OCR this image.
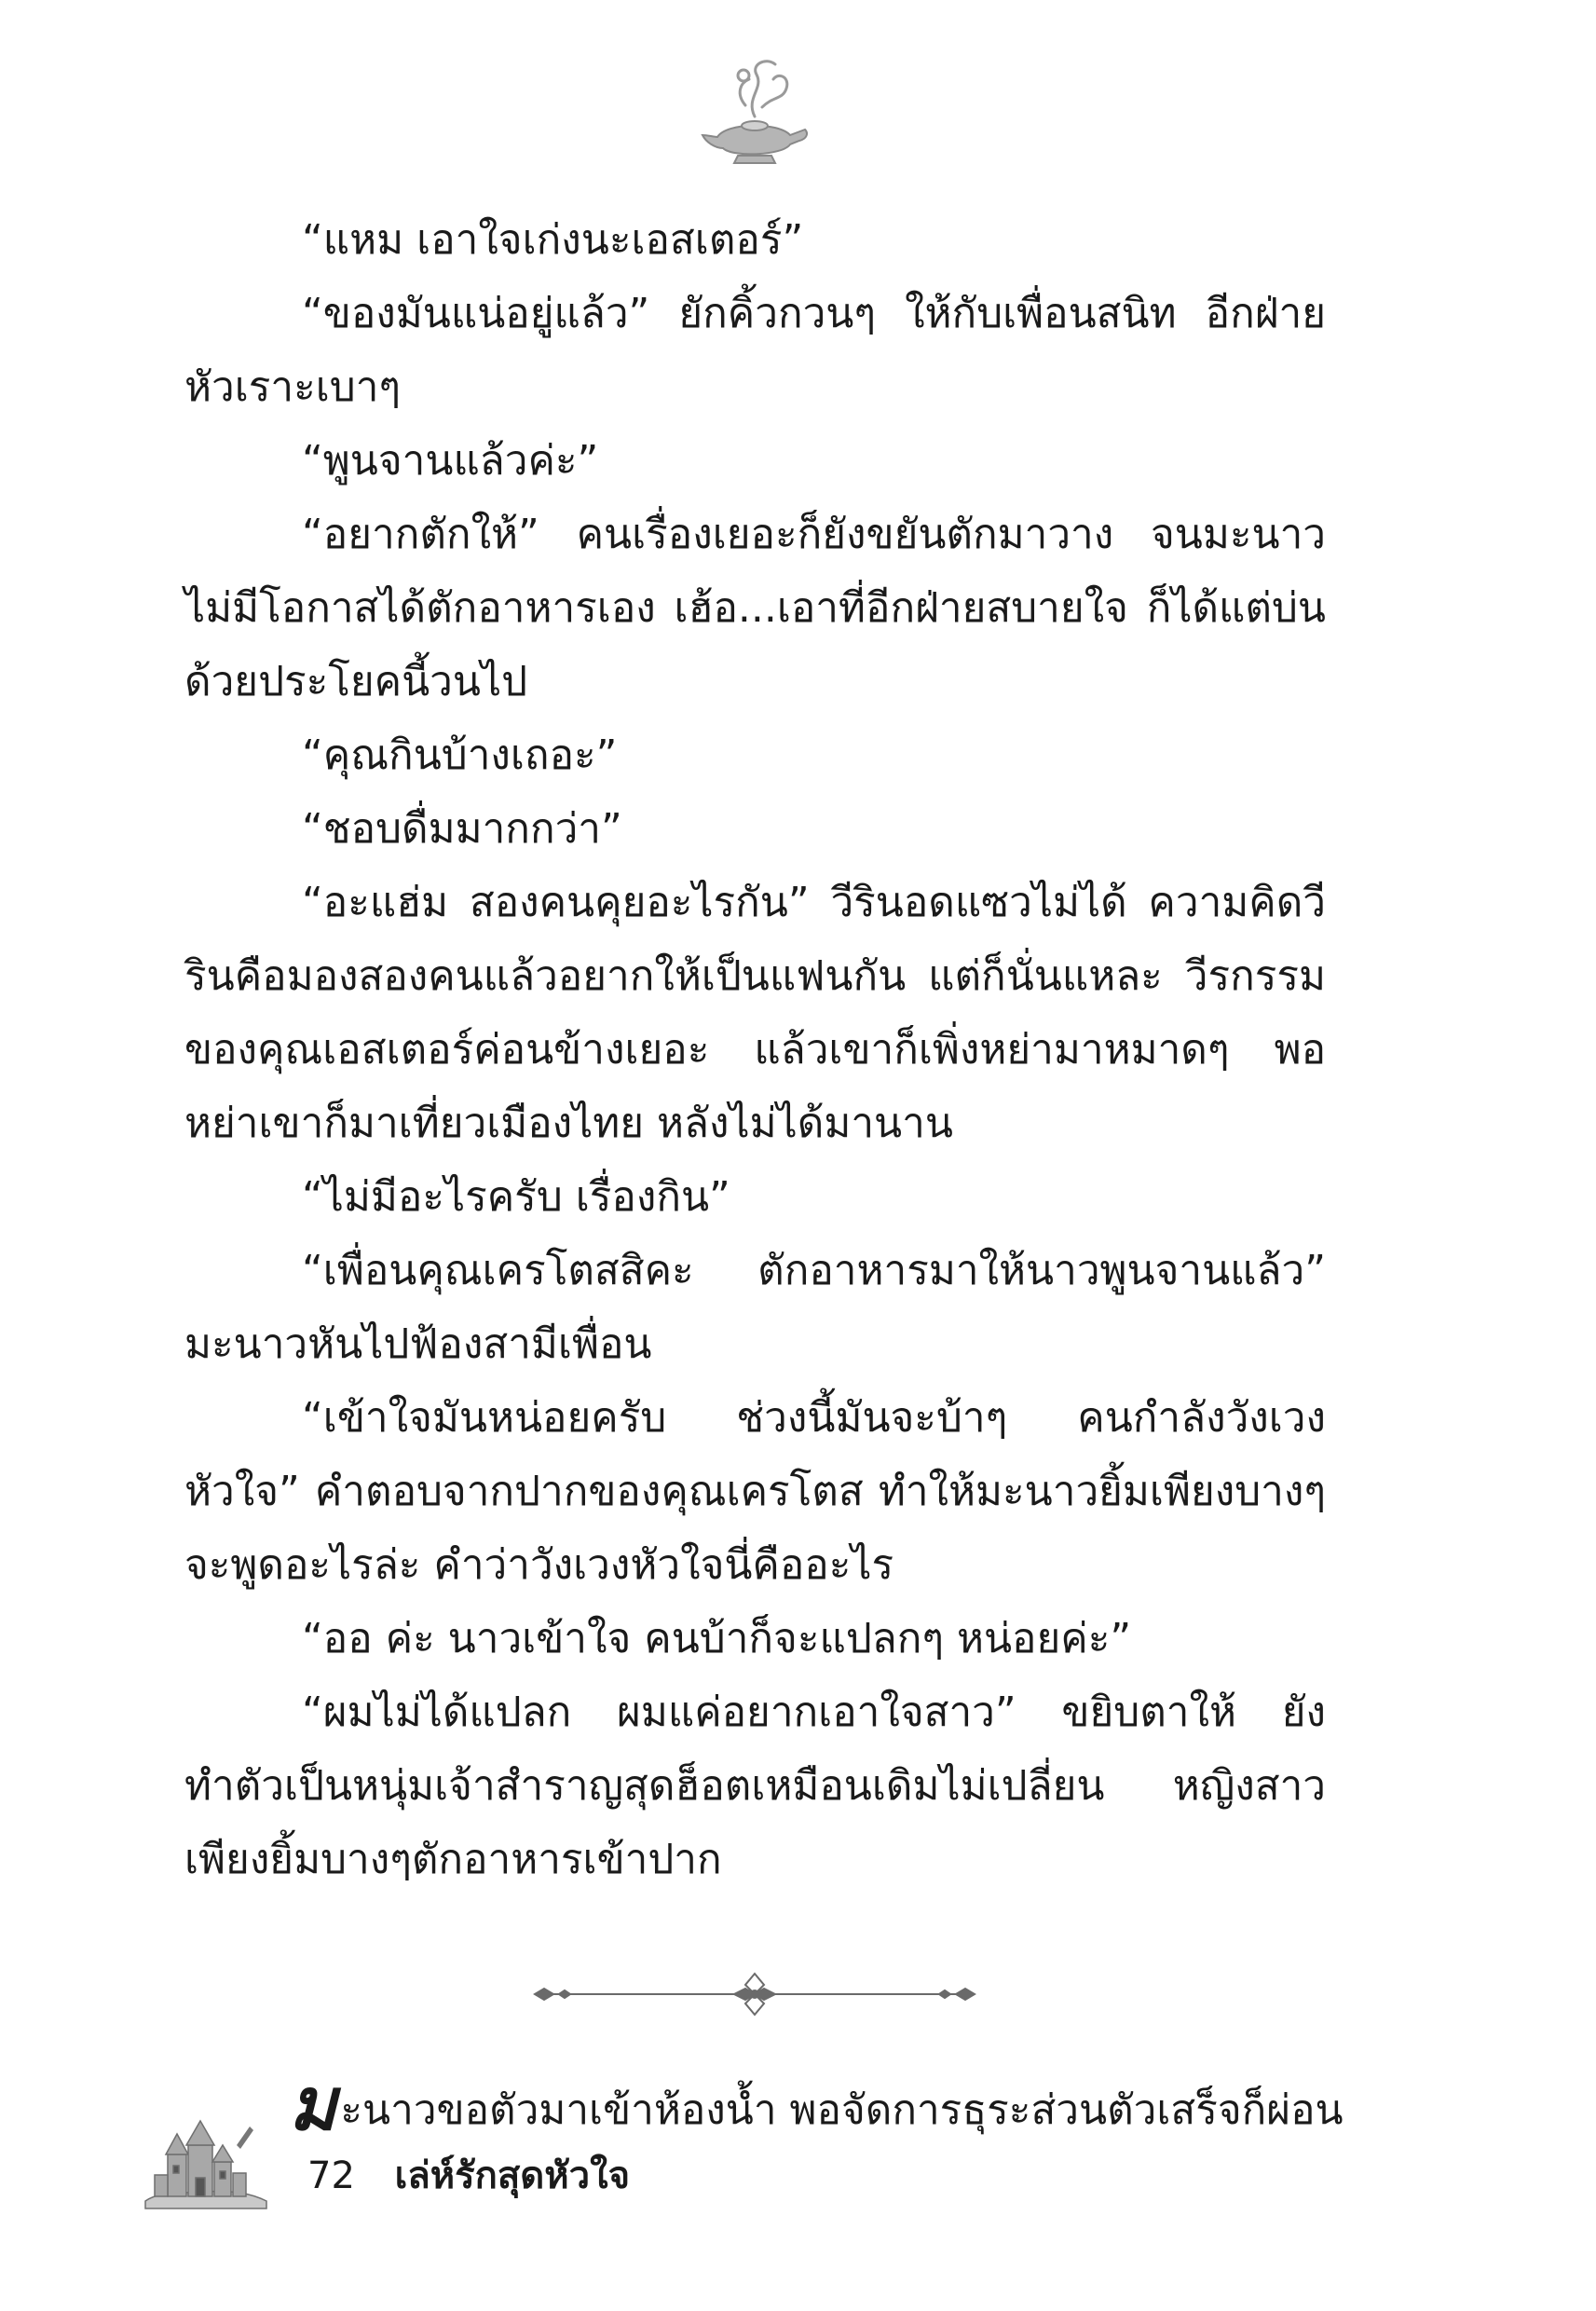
“แหม เอาใจเก่งนะเอสเตอร์”

“ของมันแน่อยู่แล้ว” ยักคิ้วกวนๆ ให้กับเพื่อนสนิท อีกฝ่ายหัวเราะเบาๆ

“พูนจานแล้วค่ะ”

“อยากตักให้” คนเรื่องเยอะก็ยังขยันตักมาวาง จนมะนาวไม่มีโอกาสได้ตักอาหารเอง เฮ้อ...เอาที่อีกฝ่ายสบายใจ ก็ได้แต่บ่นด้วยประโยคนี้วนไป

“คุณกินบ้างเถอะ”

“ชอบดื่มมากกว่า”

“อะแฮ่ม สองคนคุยอะไรกัน” วีรินอดแซวไม่ได้ ความคิดวีรินคือมองสองคนแล้วอยากให้เป็นแฟนกัน แต่ก็นั่นแหละ วีรกรรมของคุณเอสเตอร์ค่อนข้างเยอะ แล้วเขาก็เพิ่งหย่ามาหมาดๆ พอหย่าเขาก็มาเที่ยวเมืองไทย หลังไม่ได้มานาน

“ไม่มีอะไรครับ เรื่องกิน”

“เพื่อนคุณเครโตสสิคะ ตักอาหารมาให้นาวพูนจานแล้ว” มะนาวหันไปฟ้องสามีเพื่อน

“เข้าใจมันหน่อยครับ ช่วงนี้มันจะบ้าๆ คนกำลังวังเวงหัวใจ” คำตอบจากปากของคุณเครโตส ทำให้มะนาวยิ้มเพียงบางๆ จะพูดอะไรล่ะ คำว่าวังเวงหัวใจนี่คืออะไร

“ออ ค่ะ นาวเข้าใจ คนบ้าก็จะแปลกๆ หน่อยค่ะ”

“ผมไม่ได้แปลก ผมแค่อยากเอาใจสาว” ขยิบตาให้ ยังทำตัวเป็นหนุ่มเจ้าสำราญสุดฮ็อตเหมือนเดิมไม่เปลี่ยน หญิงสาวเพียงยิ้มบางๆตักอาหารเข้าปาก

มะนาวขอตัวมาเข้าห้องน้ำ พอจัดการธุระส่วนตัวเสร็จก็ผ่อน

72 เล่ห์รักสุดหัวใจ
